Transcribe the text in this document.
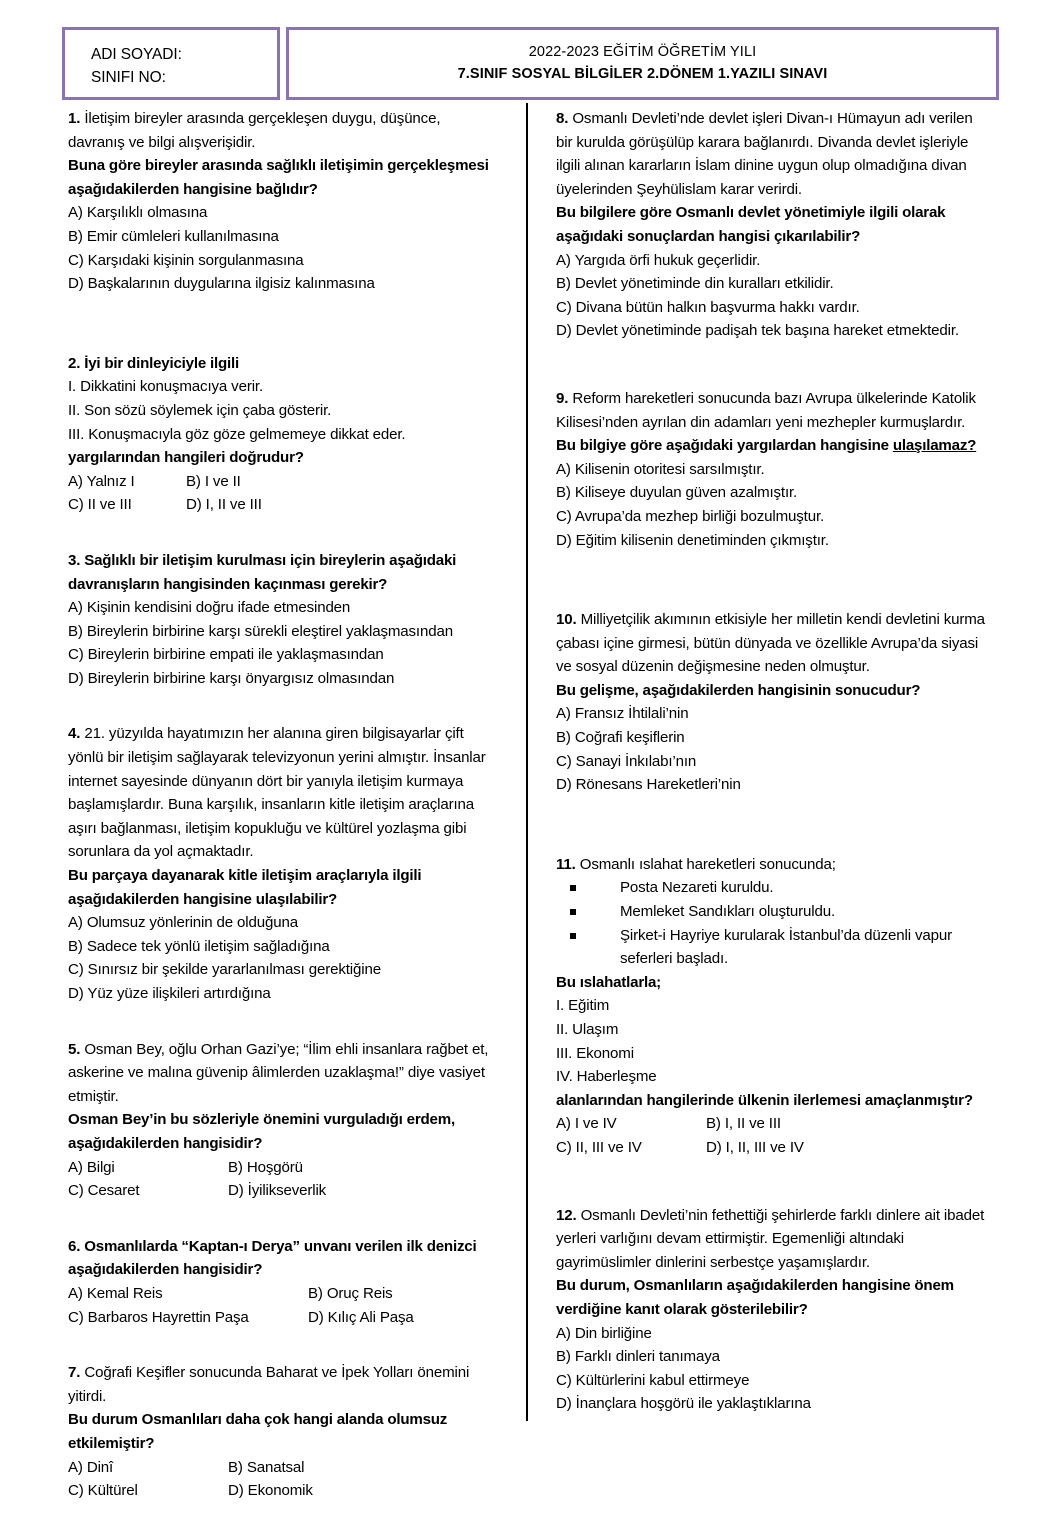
ADI SOYADI:
SINIFI NO:
2022-2023 EĞİTİM ÖĞRETİM YILI
7.SINIF SOSYAL BİLGİLER 2.DÖNEM 1.YAZILI SINAVI
1. İletişim bireyler arasında gerçekleşen duygu, düşünce, davranış ve bilgi alışverişidir.
Buna göre bireyler arasında sağlıklı iletişimin gerçekleşmesi aşağıdakilerden hangisine bağlıdır?
A) Karşılıklı olmasına
B) Emir cümleleri kullanılmasına
C) Karşıdaki kişinin sorgulanmasına
D) Başkalarının duygularına ilgisiz kalınmasına
2. İyi bir dinleyiciyle ilgili
I. Dikkatini konuşmacıya verir.
II. Son sözü söylemek için çaba gösterir.
III. Konuşmacıyla göz göze gelmemeye dikkat eder.
yargılarından hangileri doğrudur?
A) Yalnız I	B) I ve II
C) II ve III	D) I, II ve III
3. Sağlıklı bir iletişim kurulması için bireylerin aşağıdaki davranışların hangisinden kaçınması gerekir?
A) Kişinin kendisini doğru ifade etmesinden
B) Bireylerin birbirine karşı sürekli eleştirel yaklaşmasından
C) Bireylerin birbirine empati ile yaklaşmasından
D) Bireylerin birbirine karşı önyargısız olmasından
4. 21. yüzyılda hayatımızın her alanına giren bilgisayarlar çift yönlü bir iletişim sağlayarak televizyonun yerini almıştır. İnsanlar internet sayesinde dünyanın dört bir yanıyla iletişim kurmaya başlamışlardır. Buna karşılık, insanların kitle iletişim araçlarına aşırı bağlanması, iletişim kopukluğu ve kültürel yozlaşma gibi sorunlara da yol açmaktadır.
Bu parçaya dayanarak kitle iletişim araçlarıyla ilgili aşağıdakilerden hangisine ulaşılabilir?
A) Olumsuz yönlerinin de olduğuna
B) Sadece tek yönlü iletişim sağladığına
C) Sınırsız bir şekilde yararlanılması gerektiğine
D) Yüz yüze ilişkileri artırdığına
5. Osman Bey, oğlu Orhan Gazi’ye; “İlim ehli insanlara rağbet et, askerine ve malına güvenip âlimlerden uzaklaşma!” diye vasiyet etmiştir.
Osman Bey’in bu sözleriyle önemini vurguladığı erdem, aşağıdakilerden hangisidir?
A) Bilgi	B) Hoşgörü
C) Cesaret	D) İyilikseverlik
6. Osmanlılarda “Kaptan-ı Derya” unvanı verilen ilk denizci aşağıdakilerden hangisidir?
A) Kemal Reis	B) Oruç Reis
C) Barbaros Hayrettin Paşa	D) Kılıç Ali Paşa
7. Coğrafi Keşifler sonucunda Baharat ve İpek Yolları önemini yitirdi.
Bu durum Osmanlıları daha çok hangi alanda olumsuz etkilemiştir?
A) Dinî	B) Sanatsal
C) Kültürel	D) Ekonomik
8. Osmanlı Devleti’nde devlet işleri Divan-ı Hümayun adı verilen bir kurulda görüşülüp karara bağlanırdı. Divanda devlet işleriyle ilgili alınan kararların İslam dinine uygun olup olmadığına divan üyelerinden Şeyhülislam karar verirdi.
Bu bilgilere göre Osmanlı devlet yönetimiyle ilgili olarak aşağıdaki sonuçlardan hangisi çıkarılabilir?
A) Yargıda örfi hukuk geçerlidir.
B) Devlet yönetiminde din kuralları etkilidir.
C) Divana bütün halkın başvurma hakkı vardır.
D) Devlet yönetiminde padişah tek başına hareket etmektedir.
9. Reform hareketleri sonucunda bazı Avrupa ülkelerinde Katolik Kilisesi’nden ayrılan din adamları yeni mezhepler kurmuşlardır.
Bu bilgiye göre aşağıdaki yargılardan hangisine ulaşılamaz?
A) Kilisenin otoritesi sarsılmıştır.
B) Kiliseye duyulan güven azalmıştır.
C) Avrupa’da mezhep birliği bozulmuştur.
D) Eğitim kilisenin denetiminden çıkmıştır.
10. Milliyetçilik akımının etkisiyle her milletin kendi devletini kurma çabası içine girmesi, bütün dünyada ve özellikle Avrupa’da siyasi ve sosyal düzenin değişmesine neden olmuştur.
Bu gelişme, aşağıdakilerden hangisinin sonucudur?
A) Fransız İhtilali’nin
B) Coğrafi keşiflerin
C) Sanayi İnkılabı’nın
D) Rönesans Hareketleri’nin
11. Osmanlı ıslahat hareketleri sonucunda;
Posta Nezareti kuruldu.
Memleket Sandıkları oluşturuldu.
Şirket-i Hayriye kurularak İstanbul’da düzenli vapur seferleri başladı.
Bu ıslahatlarla;
I. Eğitim
II. Ulaşım
III. Ekonomi
IV. Haberleşme
alanlarından hangilerinde ülkenin ilerlemesi amaçlanmıştır?
A) I ve IV	B) I, II ve III
C) II, III ve IV	D) I, II, III ve IV
12. Osmanlı Devleti’nin fethettiği şehirlerde farklı dinlere ait ibadet yerleri varlığını devam ettirmiştir. Egemenliği altındaki gayrimüslimler dinlerini serbestçe yaşamışlardır.
Bu durum, Osmanlıların aşağıdakilerden hangisine önem verdiğine kanıt olarak gösterilebilir?
A) Din birliğine
B) Farklı dinleri tanımaya
C) Kültürlerini kabul ettirmeye
D) İnançlara hoşgörü ile yaklaştıklarına
